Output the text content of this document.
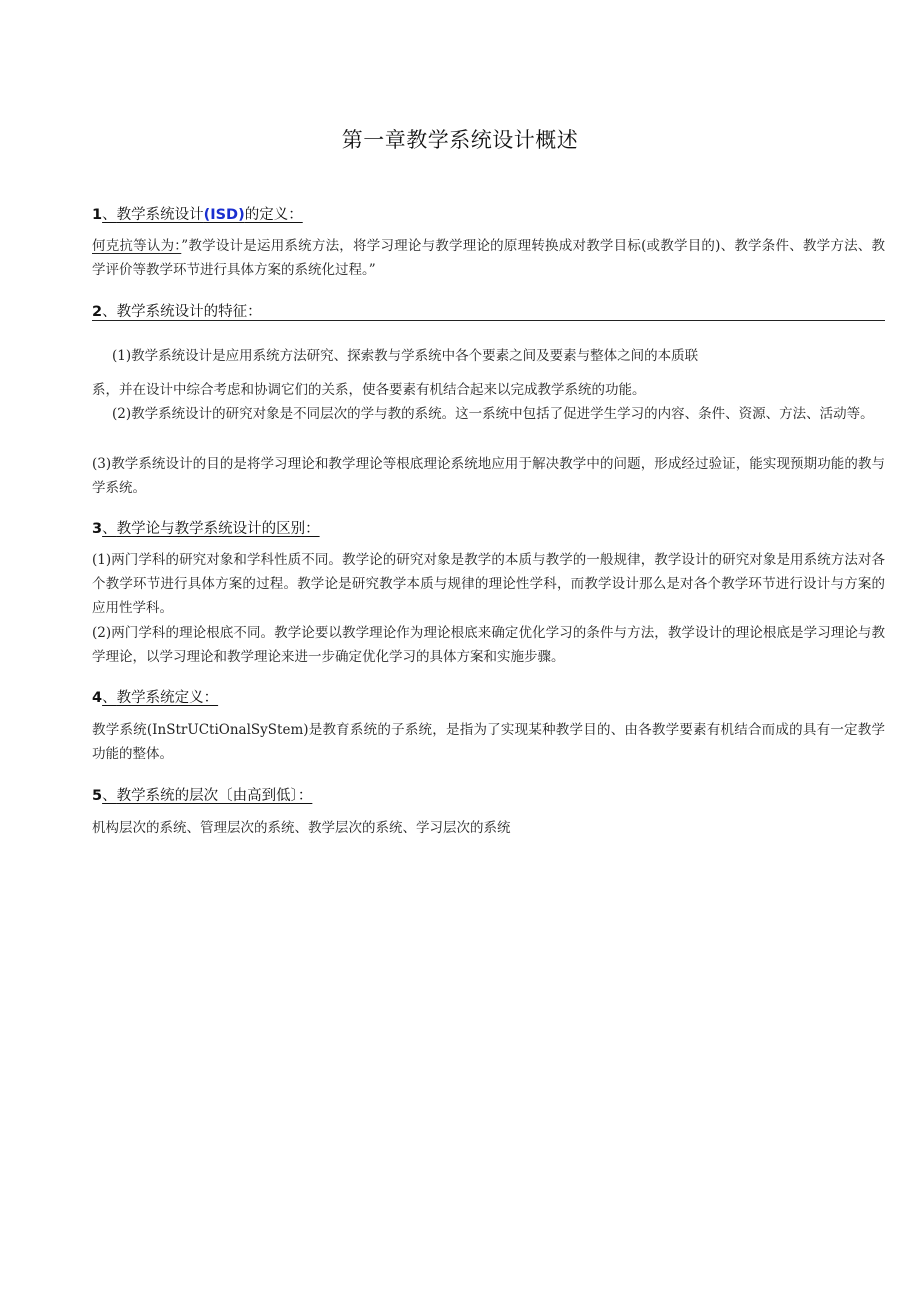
第一章教学系统设计概述
1、教学系统设计(ISD)的定义：
何克抗等认为：”教学设计是运用系统方法，将学习理论与教学理论的原理转换成对教学目标(或教学目的)、教学条件、教学方法、教学评价等教学环节进行具体方案的系统化过程。”
2、教学系统设计的特征：
(1)教学系统设计是应用系统方法研究、探索教与学系统中各个要素之间及要素与整体之间的本质联
系，并在设计中综合考虑和协调它们的关系，使各要素有机结合起来以完成教学系统的功能。
(2)教学系统设计的研究对象是不同层次的学与教的系统。这一系统中包括了促进学生学习的内容、条件、资源、方法、活动等。
(3)教学系统设计的目的是将学习理论和教学理论等根底理论系统地应用于解决教学中的问题，形成经过验证，能实现预期功能的教与学系统。
3、教学论与教学系统设计的区别：
(1)两门学科的研究对象和学科性质不同。教学论的研究对象是教学的本质与教学的一般规律，教学设计的研究对象是用系统方法对各个教学环节进行具体方案的过程。教学论是研究教学本质与规律的理论性学科，而教学设计那么是对各个教学环节进行设计与方案的应用性学科。
(2)两门学科的理论根底不同。教学论要以教学理论作为理论根底来确定优化学习的条件与方法，教学设计的理论根底是学习理论与教学理论，以学习理论和教学理论来进一步确定优化学习的具体方案和实施步骤。
4、教学系统定义：
教学系统(InStrUCtiOnalSyStem)是教育系统的子系统，是指为了实现某种教学目的、由各教学要素有机结合而成的具有一定教学功能的整体。
5、教学系统的层次〔由高到低〕：
机构层次的系统、管理层次的系统、教学层次的系统、学习层次的系统
